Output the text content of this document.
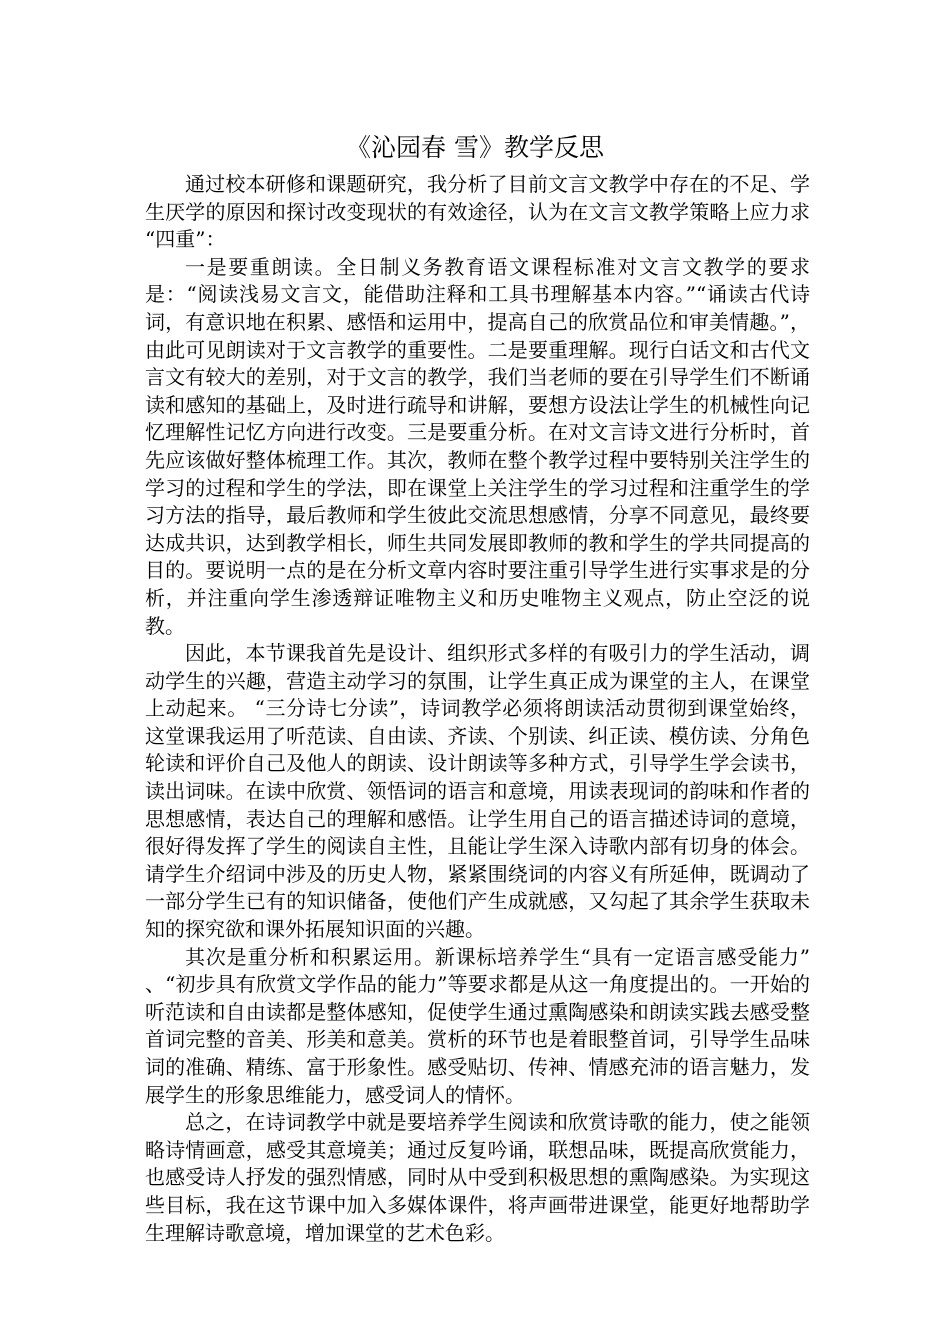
《沁园春 雪》教学反思

通过校本研修和课题研究，我分析了目前文言文教学中存在的不足、学生厌学的原因和探讨改变现状的有效途径，认为在文言文教学策略上应力求 “四重”：

一是要重朗读。全日制义务教育语文课程标准对文言文教学的要求是：“阅读浅易文言文，能借助注释和工具书理解基本内容。”“诵读古代诗词，有意识地在积累、感悟和运用中，提高自己的欣赏品位和审美情趣。”，由此可见朗读对于文言教学的重要性。二是要重理解。现行白话文和古代文言文有较大的差别，对于文言的教学，我们当老师的要在引导学生们不断诵读和感知的基础上，及时进行疏导和讲解，要想方设法让学生的机械性向记忆理解性记忆方向进行改变。三是要重分析。在对文言诗文进行分析时，首先应该做好整体梳理工作。其次，教师在整个教学过程中要特别关注学生的学习的过程和学生的学法，即在课堂上关注学生的学习过程和注重学生的学习方法的指导，最后教师和学生彼此交流思想感情，分享不同意见，最终要达成共识，达到教学相长，师生共同发展即教师的教和学生的学共同提高的目的。要说明一点的是在分析文章内容时要注重引导学生进行实事求是的分析，并注重向学生渗透辩证唯物主义和历史唯物主义观点，防止空泛的说教。

因此，本节课我首先是设计、组织形式多样的有吸引力的学生活动，调动学生的兴趣，营造主动学习的氛围，让学生真正成为课堂的主人，在课堂上动起来。 “三分诗七分读”，诗词教学必须将朗读活动贯彻到课堂始终，这堂课我运用了听范读、自由读、齐读、个别读、纠正读、模仿读、分角色轮读和评价自己及他人的朗读、设计朗读等多种方式，引导学生学会读书，读出词味。在读中欣赏、领悟词的语言和意境，用读表现词的韵味和作者的思想感情，表达自己的理解和感悟。让学生用自己的语言描述诗词的意境，很好得发挥了学生的阅读自主性，且能让学生深入诗歌内部有切身的体会。请学生介绍词中涉及的历史人物，紧紧围绕词的内容义有所延伸，既调动了一部分学生已有的知识储备，使他们产生成就感，又勾起了其余学生获取未知的探究欲和课外拓展知识面的兴趣。

其次是重分析和积累运用。新课标培养学生“具有一定语言感受能力” 、“初步具有欣赏文学作品的能力”等要求都是从这一角度提出的。一开始的听范读和自由读都是整体感知，促使学生通过熏陶感染和朗读实践去感受整首词完整的音美、形美和意美。赏析的环节也是着眼整首词，引导学生品味词的准确、精练、富于形象性。感受贴切、传神、情感充沛的语言魅力，发展学生的形象思维能力，感受词人的情怀。

总之，在诗词教学中就是要培养学生阅读和欣赏诗歌的能力，使之能领略诗情画意，感受其意境美；通过反复吟诵，联想品味，既提高欣赏能力，也感受诗人抒发的强烈情感，同时从中受到积极思想的熏陶感染。为实现这些目标，我在这节课中加入多媒体课件，将声画带进课堂，能更好地帮助学生理解诗歌意境，增加课堂的艺术色彩。
